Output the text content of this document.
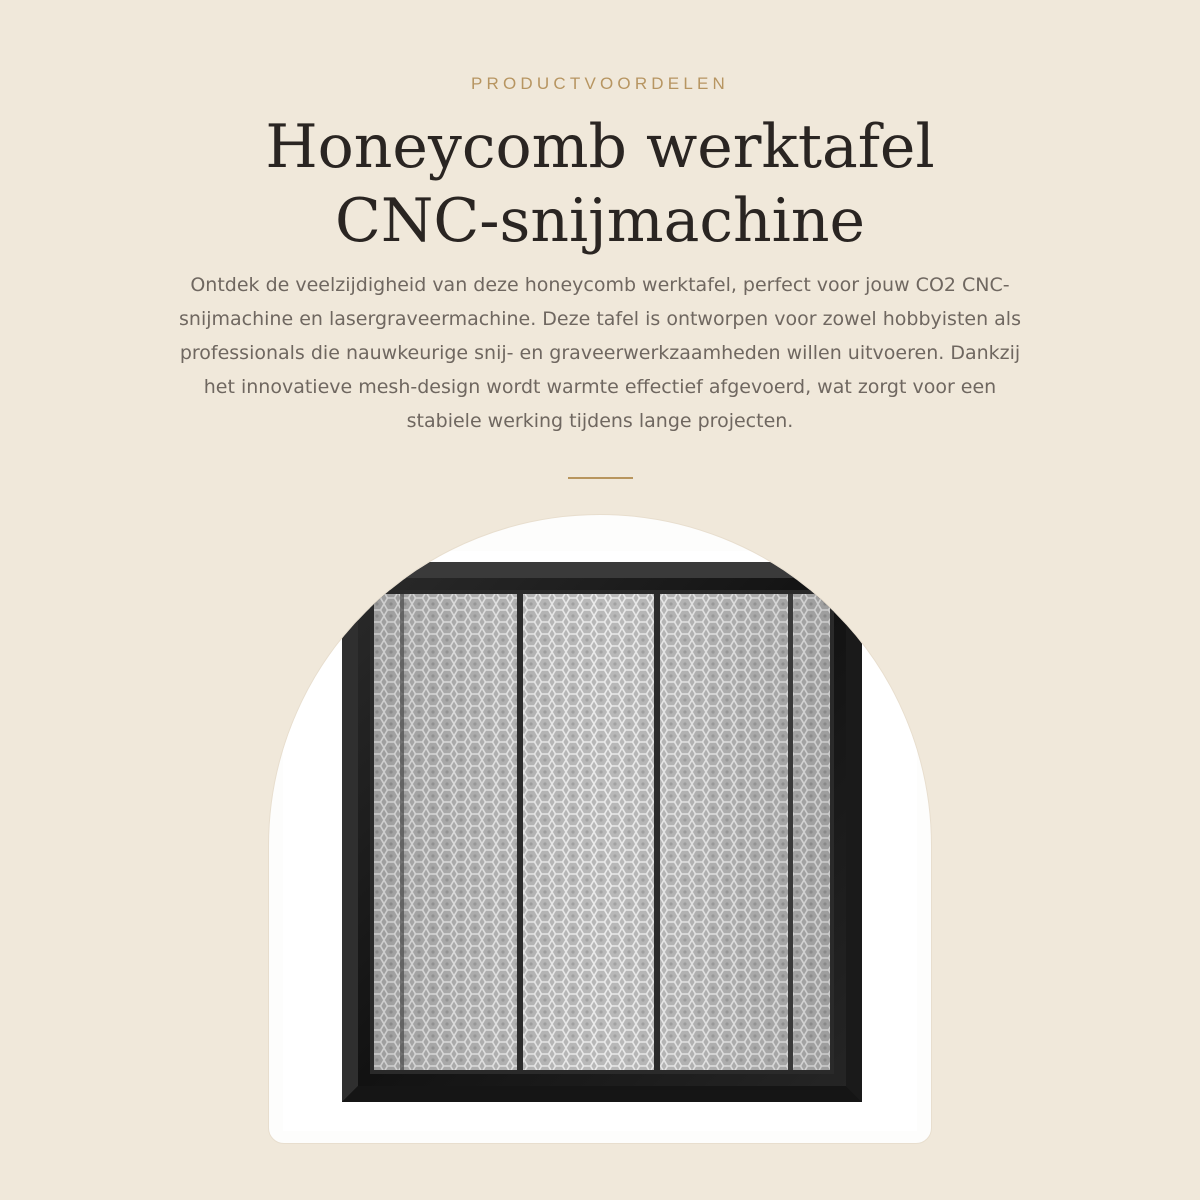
PRODUCTVOORDELEN
Honeycomb werktafel
CNC-snijmachine

Ontdek de veelzijdigheid van deze honeycomb werktafel, perfect voor jouw CO2 CNC-snijmachine en lasergraveermachine. Deze tafel is ontworpen voor zowel hobbyisten als professionals die nauwkeurige snij- en graveerwerkzaamheden willen uitvoeren. Dankzij het innovatieve mesh-design wordt warmte effectief afgevoerd, wat zorgt voor een stabiele werking tijdens lange projecten.
